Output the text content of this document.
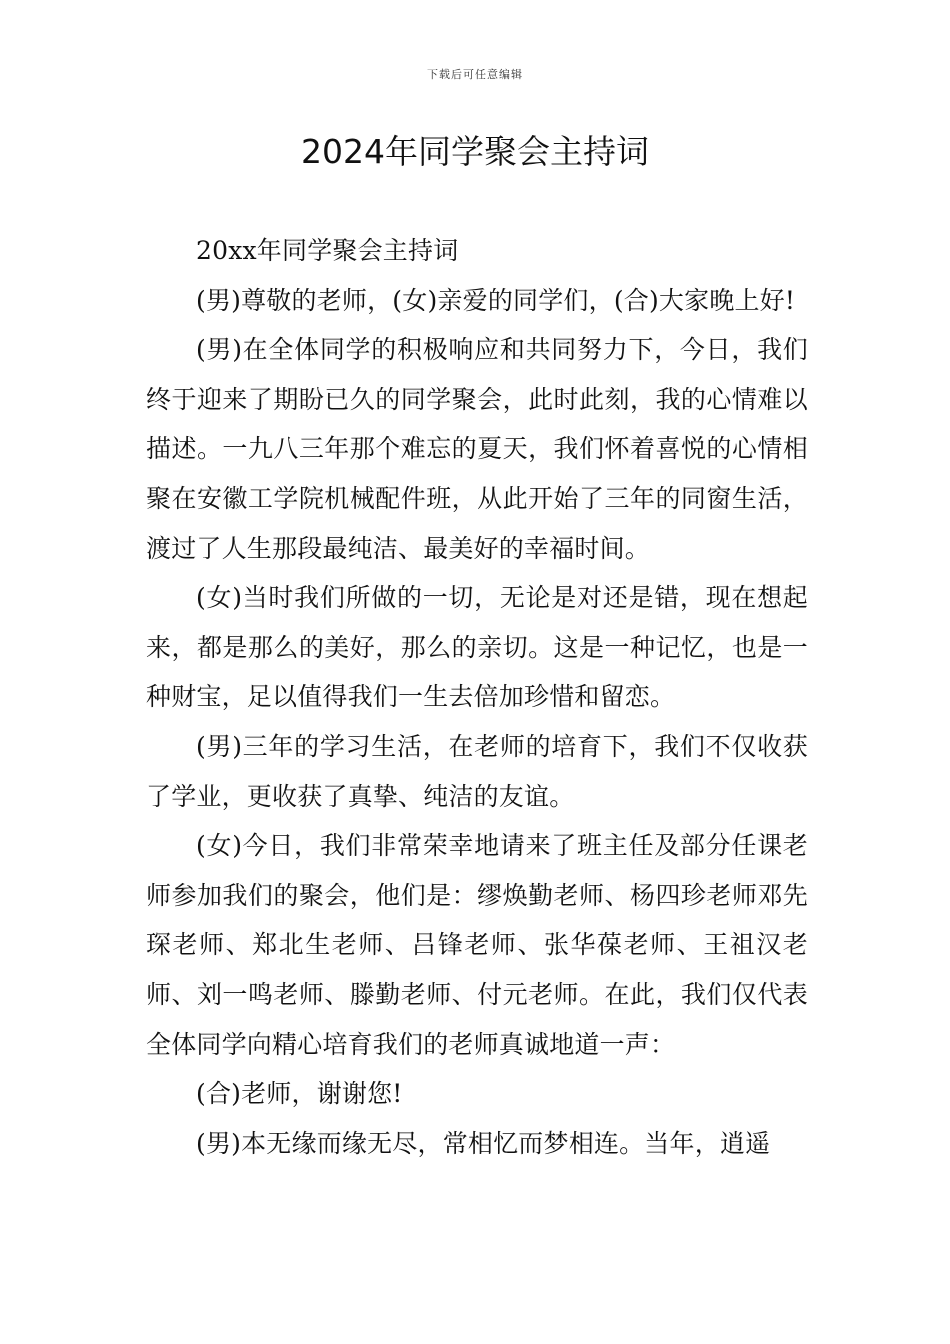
下载后可任意编辑
2024年同学聚会主持词

20xx年同学聚会主持词

(男)尊敬的老师，(女)亲爱的同学们，(合)大家晚上好!

(男)在全体同学的积极响应和共同努力下，今日，我们终于迎来了期盼已久的同学聚会，此时此刻，我的心情难以描述。一九八三年那个难忘的夏天，我们怀着喜悦的心情相聚在安徽工学院机械配件班，从此开始了三年的同窗生活，渡过了人生那段最纯洁、最美好的幸福时间。

(女)当时我们所做的一切，无论是对还是错，现在想起来，都是那么的美好，那么的亲切。这是一种记忆，也是一种财宝，足以值得我们一生去倍加珍惜和留恋。

(男)三年的学习生活，在老师的培育下，我们不仅收获了学业，更收获了真挚、纯洁的友谊。

(女)今日，我们非常荣幸地请来了班主任及部分任课老师参加我们的聚会，他们是：缪焕勤老师、杨四珍老师邓先琛老师、郑北生老师、吕锋老师、张华葆老师、王祖汉老师、刘一鸣老师、滕勤老师、付元老师。在此，我们仅代表全体同学向精心培育我们的老师真诚地道一声：

(合)老师，谢谢您!

(男)本无缘而缘无尽，常相忆而梦相连。当年，逍遥
